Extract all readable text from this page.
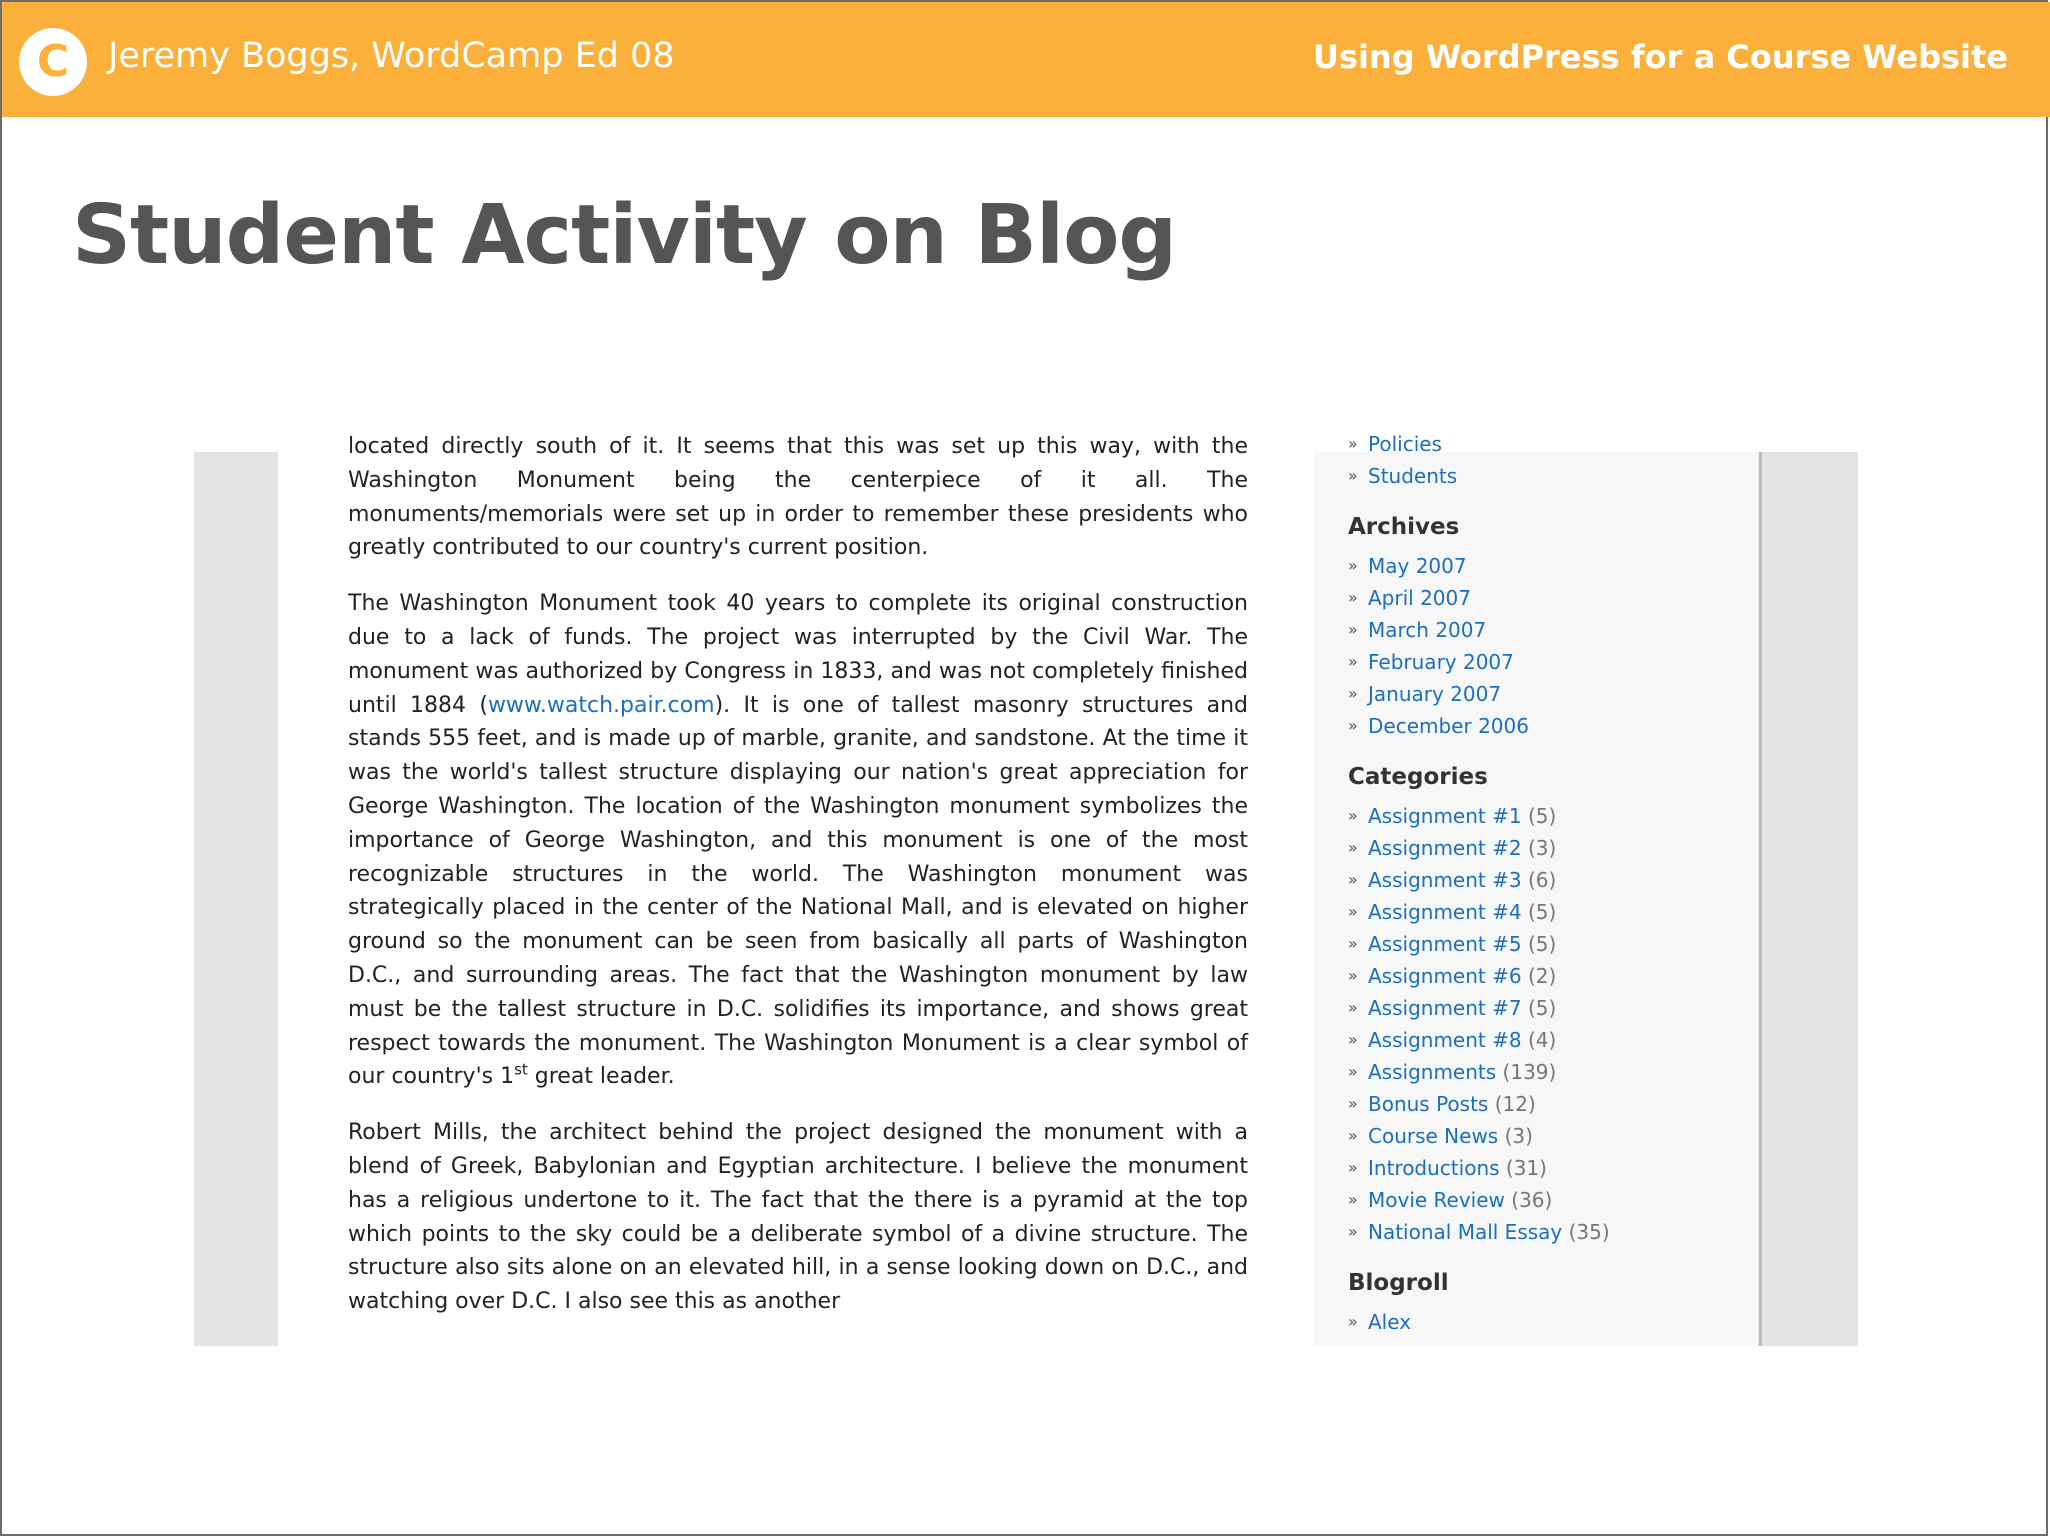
C	Jeremy Boggs, WordCamp Ed 08	Using WordPress for a Course Website
Student Activity on Blog

located directly south of it. It seems that this was set up this way, with the Washington Monument being the centerpiece of it all. The monuments/memorials were set up in order to remember these presidents who greatly contributed to our country's current position.

The Washington Monument took 40 years to complete its original construction due to a lack of funds. The project was interrupted by the Civil War. The monument was authorized by Congress in 1833, and was not completely finished until 1884 (www.watch.pair.com). It is one of tallest masonry structures and stands 555 feet, and is made up of marble, granite, and sandstone. At the time it was the world's tallest structure displaying our nation's great appreciation for George Washington. The location of the Washington monument symbolizes the importance of George Washington, and this monument is one of the most recognizable structures in the world. The Washington monument was strategically placed in the center of the National Mall, and is elevated on higher ground so the monument can be seen from basically all parts of Washington D.C., and surrounding areas. The fact that the Washington monument by law must be the tallest structure in D.C. solidifies its importance, and shows great respect towards the monument. The Washington Monument is a clear symbol of our country's 1st great leader.

Robert Mills, the architect behind the project designed the monument with a blend of Greek, Babylonian and Egyptian architecture. I believe the monument has a religious undertone to it. The fact that the there is a pyramid at the top which points to the sky could be a deliberate symbol of a divine structure. The structure also sits alone on an elevated hill, in a sense looking down on D.C., and watching over D.C. I also see this as another

» Policies
» Students
Archives
» May 2007
» April 2007
» March 2007
» February 2007
» January 2007
» December 2006
Categories
» Assignment #1 (5)
» Assignment #2 (3)
» Assignment #3 (6)
» Assignment #4 (5)
» Assignment #5 (5)
» Assignment #6 (2)
» Assignment #7 (5)
» Assignment #8 (4)
» Assignments (139)
» Bonus Posts (12)
» Course News (3)
» Introductions (31)
» Movie Review (36)
» National Mall Essay (35)
Blogroll
» Alex
